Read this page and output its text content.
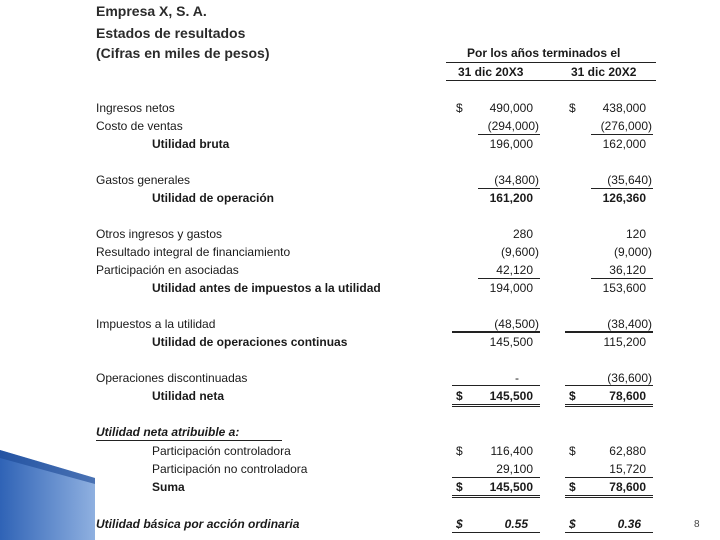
Empresa X, S. A.
Estados de resultados
(Cifras en miles de pesos)	Por los años terminados el
31 dic 20X3	31 dic 20X2
Ingresos netos	$	490,000	$	438,000
Costo de ventas	(294,000)	(276,000)
Utilidad bruta	196,000	162,000
Gastos generales	(34,800)	(35,640)
Utilidad de operación	161,200	126,360
Otros ingresos y gastos	280	120
Resultado integral de financiamiento	(9,600)	(9,000)
Participación en asociadas	42,120	36,120
Utilidad antes de impuestos a la utilidad	194,000	153,600
Impuestos a la utilidad	(48,500)	(38,400)
Utilidad de operaciones continuas	145,500	115,200
Operaciones discontinuadas	-	(36,600)
Utilidad neta	$	145,500	$	78,600
Utilidad neta atribuible a:
Participación controladora	$	116,400	$	62,880
Participación no controladora	29,100	15,720
Suma	$	145,500	$	78,600
Utilidad básica por acción ordinaria	$	0.55	$	0.36	8
